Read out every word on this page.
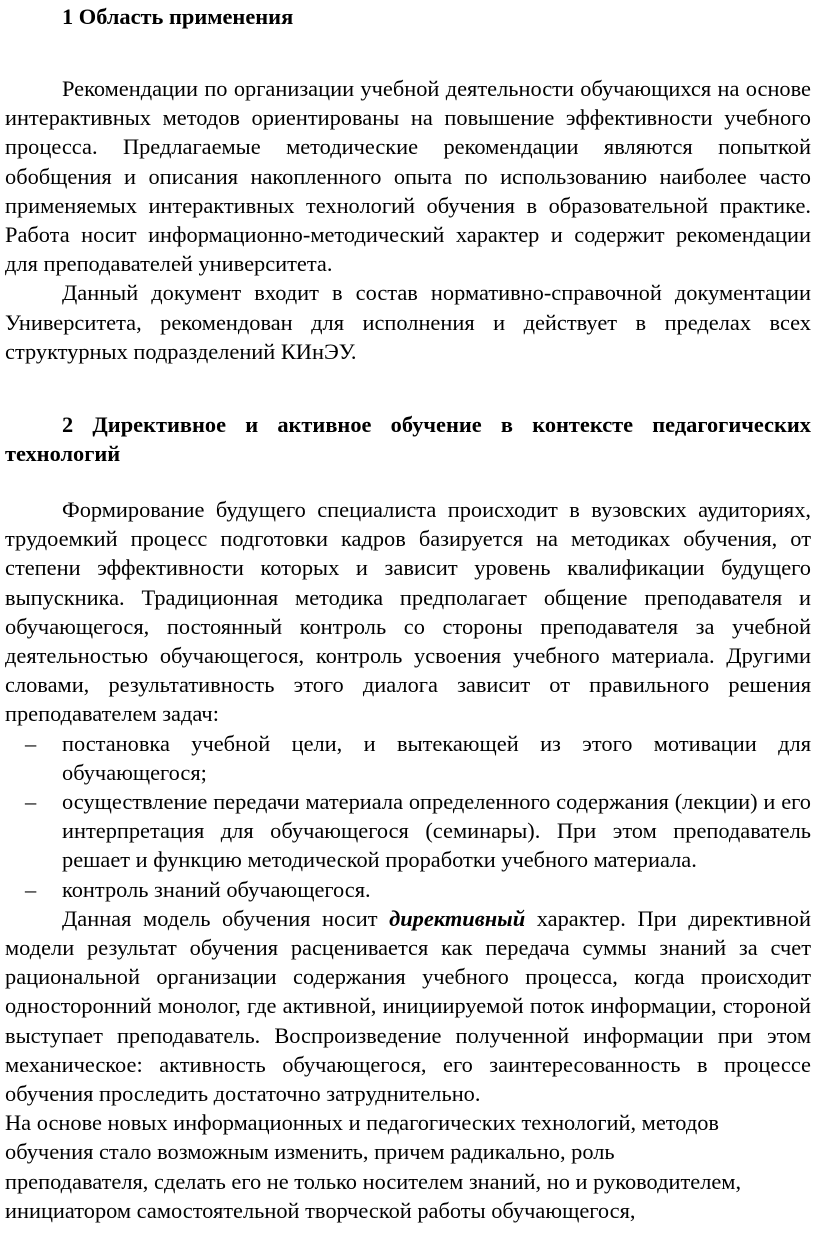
1 Область применения

Рекомендации по организации учебной деятельности обучающихся на основе интерактивных методов ориентированы на повышение эффективности учебного процесса. Предлагаемые методические рекомендации являются попыткой обобщения и описания накопленного опыта по использованию наиболее часто применяемых интерактивных технологий обучения в образовательной практике. Работа носит информационно-методический характер и содержит рекомендации для преподавателей университета.

Данный документ входит в состав нормативно-справочной документации Университета, рекомендован для исполнения и действует в пределах всех структурных подразделений КИнЭУ.

2 Директивное и активное обучение в контексте педагогических технологий

Формирование будущего специалиста происходит в вузовских аудиториях, трудоемкий процесс подготовки кадров базируется на методиках обучения, от степени эффективности которых и зависит уровень квалификации будущего выпускника. Традиционная методика предполагает общение преподавателя и обучающегося, постоянный контроль со стороны преподавателя за учебной деятельностью обучающегося, контроль усвоения учебного материала. Другими словами, результативность этого диалога зависит от правильного решения преподавателем задач:

– постановка учебной цели, и вытекающей из этого мотивации для обучающегося;
– осуществление передачи материала определенного содержания (лекции) и его интерпретация для обучающегося (семинары). При этом преподаватель решает и функцию методической проработки учебного материала.
– контроль знаний обучающегося.

Данная модель обучения носит директивный характер. При директивной модели результат обучения расценивается как передача суммы знаний за счет рациональной организации содержания учебного процесса, когда происходит односторонний монолог, где активной, инициируемой поток информации, стороной выступает преподаватель. Воспроизведение полученной информации при этом механическое: активность обучающегося, его заинтересованность в процессе обучения проследить достаточно затруднительно.

На основе новых информационных и педагогических технологий, методов
обучения стало возможным изменить, причем радикально, роль
преподавателя, сделать его не только носителем знаний, но и руководителем,
инициатором самостоятельной творческой работы обучающегося,
